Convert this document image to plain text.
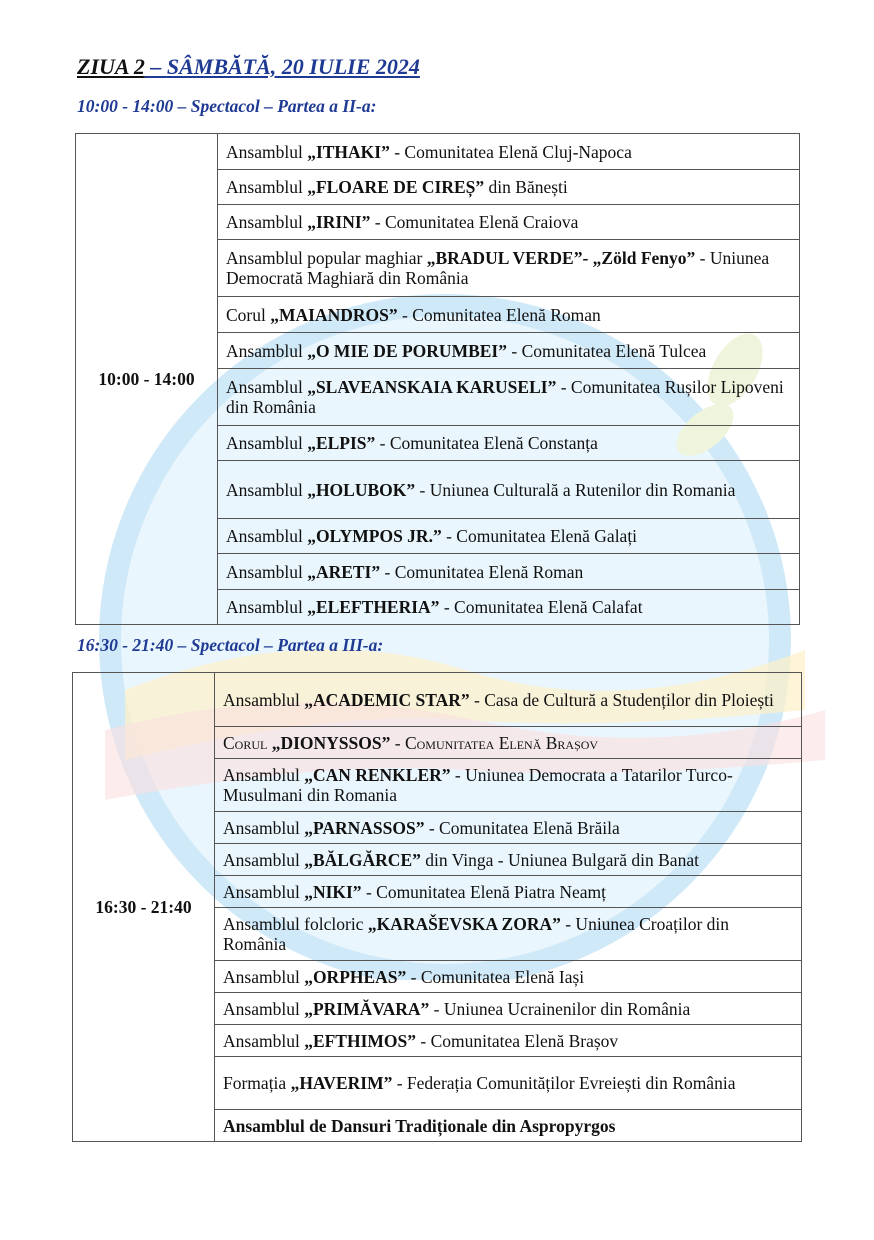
ZIUA 2 – SÂMBĂTĂ, 20 IULIE 2024
10:00 - 14:00 – Spectacol – Partea a II-a:
10:00 - 14:00	Ansamblul „ITHAKI” - Comunitatea Elenă Cluj-Napoca
Ansamblul „FLOARE DE CIREȘ” din Bănești
Ansamblul „IRINI” - Comunitatea Elenă Craiova
Ansamblul popular maghiar „BRADUL VERDE”- „Zöld Fenyo” - Uniunea Democrată Maghiară din România
Corul „MAIANDROS” - Comunitatea Elenă Roman
Ansamblul „O MIE DE PORUMBEI” - Comunitatea Elenă Tulcea
Ansamblul „SLAVEANSKAIA KARUSELI” - Comunitatea Rușilor Lipoveni din România
Ansamblul „ELPIS” - Comunitatea Elenă Constanța
Ansamblul „HOLUBOK” - Uniunea Culturală a Rutenilor din Romania
Ansamblul „OLYMPOS JR.” - Comunitatea Elenă Galați
Ansamblul „ARETI” - Comunitatea Elenă Roman
Ansamblul „ELEFTHERIA” - Comunitatea Elenă Calafat
16:30 - 21:40 – Spectacol – Partea a III-a:
16:30 - 21:40	Ansamblul „ACADEMIC STAR” - Casa de Cultură a Studenților din Ploiești
Corul „DIONYSSOS” - Comunitatea Elenă Brașov
Ansamblul „CAN RENKLER” - Uniunea Democrata a Tatarilor Turco-Musulmani din Romania
Ansamblul „PARNASSOS” - Comunitatea Elenă Brăila
Ansamblul „BĂLGĂRCE” din Vinga - Uniunea Bulgară din Banat
Ansamblul „NIKI” - Comunitatea Elenă Piatra Neamț
Ansamblul folcloric „KARAŠEVSKA ZORA” - Uniunea Croaților din România
Ansamblul „ORPHEAS” - Comunitatea Elenă Iași
Ansamblul „PRIMĂVARA” - Uniunea Ucrainenilor din România
Ansamblul „EFTHIMOS” - Comunitatea Elenă Brașov
Formația „HAVERIM” - Federația Comunităților Evreiești din România
Ansamblul de Dansuri Tradiționale din Aspropyrgos
